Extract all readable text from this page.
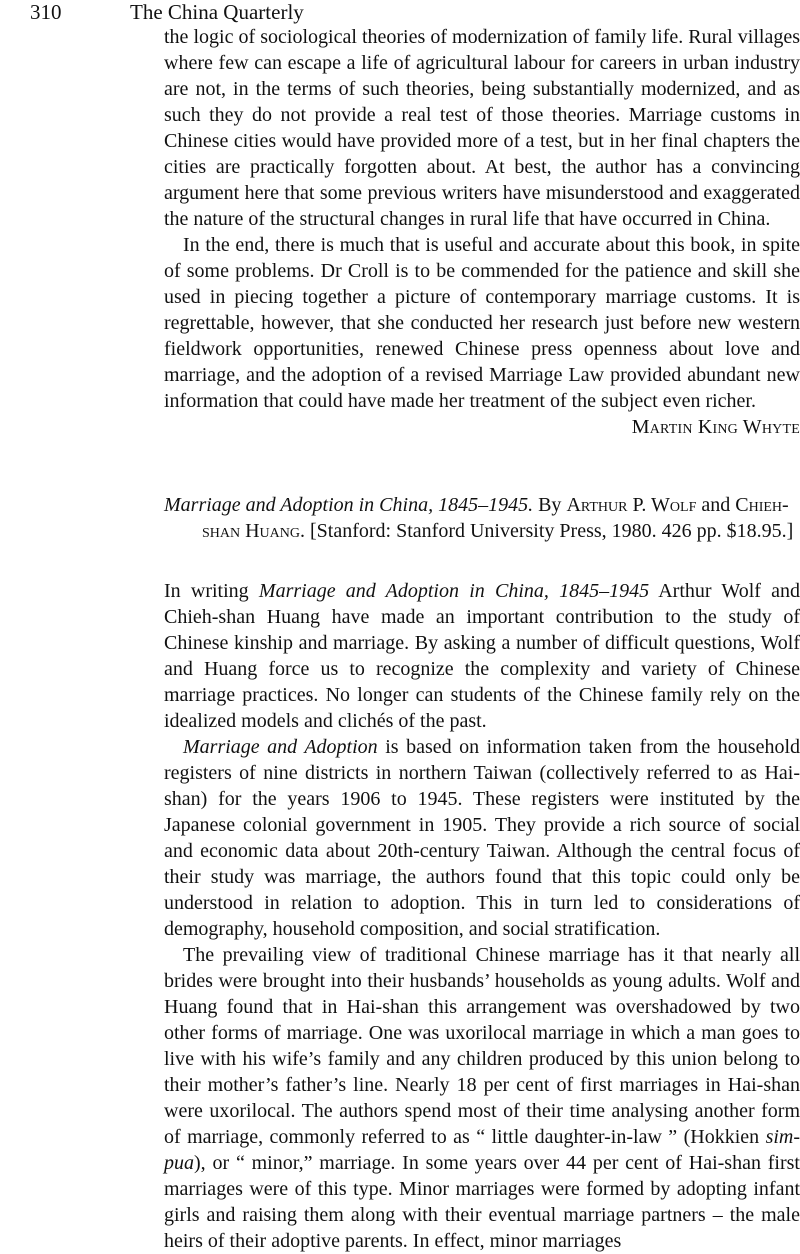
310	The China Quarterly

the logic of sociological theories of modernization of family life. Rural villages where few can escape a life of agricultural labour for careers in urban industry are not, in the terms of such theories, being substantially modernized, and as such they do not provide a real test of those theories. Marriage customs in Chinese cities would have provided more of a test, but in her final chapters the cities are practically forgotten about. At best, the author has a convincing argument here that some previous writers have misunderstood and exaggerated the nature of the structural changes in rural life that have occurred in China.

In the end, there is much that is useful and accurate about this book, in spite of some problems. Dr Croll is to be commended for the patience and skill she used in piecing together a picture of contemporary marriage customs. It is regrettable, however, that she conducted her research just before new western fieldwork opportunities, renewed Chinese press openness about love and marriage, and the adoption of a revised Marriage Law provided abundant new information that could have made her treatment of the subject even richer.

Martin King Whyte

Marriage and Adoption in China, 1845–1945. By Arthur P. Wolf and Chieh-shan Huang. [Stanford: Stanford University Press, 1980. 426 pp. $18.95.]

In writing Marriage and Adoption in China, 1845–1945 Arthur Wolf and Chieh-shan Huang have made an important contribution to the study of Chinese kinship and marriage. By asking a number of difficult questions, Wolf and Huang force us to recognize the complexity and variety of Chinese marriage practices. No longer can students of the Chinese family rely on the idealized models and clichés of the past.

Marriage and Adoption is based on information taken from the household registers of nine districts in northern Taiwan (collectively referred to as Hai-shan) for the years 1906 to 1945. These registers were instituted by the Japanese colonial government in 1905. They provide a rich source of social and economic data about 20th-century Taiwan. Although the central focus of their study was marriage, the authors found that this topic could only be understood in relation to adoption. This in turn led to considerations of demography, household composition, and social stratification.

The prevailing view of traditional Chinese marriage has it that nearly all brides were brought into their husbands’ households as young adults. Wolf and Huang found that in Hai-shan this arrangement was overshadowed by two other forms of marriage. One was uxorilocal marriage in which a man goes to live with his wife’s family and any children produced by this union belong to their mother’s father’s line. Nearly 18 per cent of first marriages in Hai-shan were uxorilocal. The authors spend most of their time analysing another form of marriage, commonly referred to as “ little daughter-in-law ” (Hokkien sim-pua), or “ minor,” marriage. In some years over 44 per cent of Hai-shan first marriages were of this type. Minor marriages were formed by adopting infant girls and raising them along with their eventual marriage partners – the male heirs of their adoptive parents. In effect, minor marriages
